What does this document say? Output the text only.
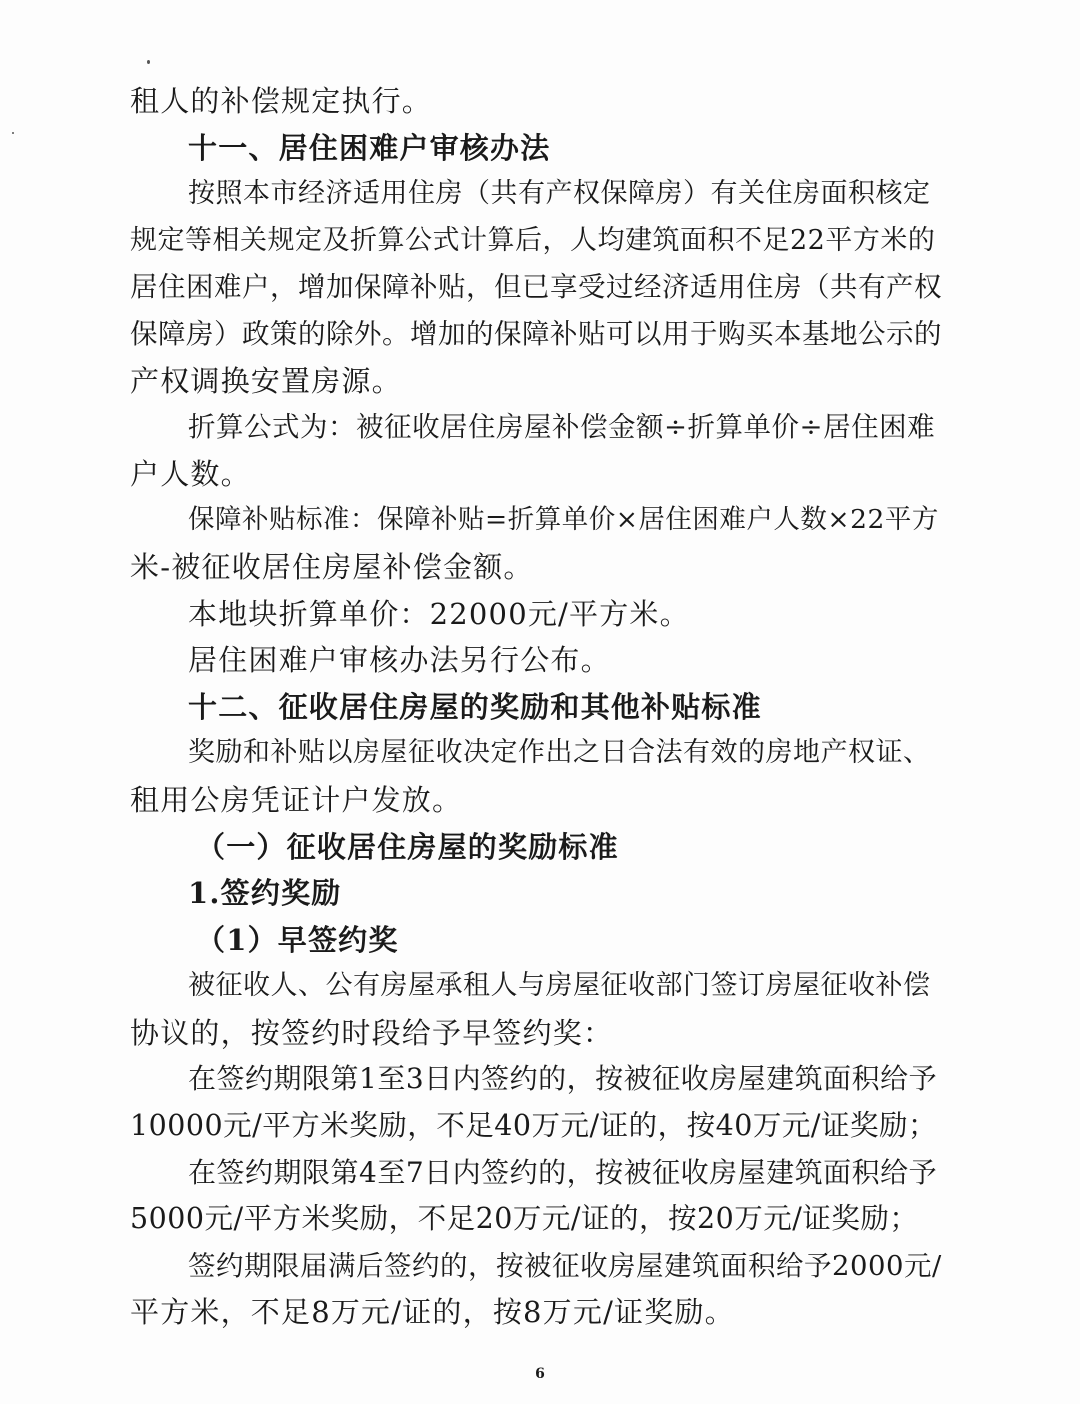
租人的补偿规定执行。
十一、居住困难户审核办法
按照本市经济适用住房（共有产权保障房）有关住房面积核定
规定等相关规定及折算公式计算后，人均建筑面积不足22平方米的
居住困难户，增加保障补贴，但已享受过经济适用住房（共有产权
保障房）政策的除外。增加的保障补贴可以用于购买本基地公示的
产权调换安置房源。
折算公式为：被征收居住房屋补偿金额÷折算单价÷居住困难
户人数。
保障补贴标准：保障补贴=折算单价×居住困难户人数×22平方
米-被征收居住房屋补偿金额。
本地块折算单价：22000元/平方米。
居住困难户审核办法另行公布。
十二、征收居住房屋的奖励和其他补贴标准
奖励和补贴以房屋征收决定作出之日合法有效的房地产权证、
租用公房凭证计户发放。
（一）征收居住房屋的奖励标准
1.签约奖励
（1）早签约奖
被征收人、公有房屋承租人与房屋征收部门签订房屋征收补偿
协议的，按签约时段给予早签约奖：
在签约期限第1至3日内签约的，按被征收房屋建筑面积给予
10000元/平方米奖励，不足40万元/证的，按40万元/证奖励；
在签约期限第4至7日内签约的，按被征收房屋建筑面积给予
5000元/平方米奖励，不足20万元/证的，按20万元/证奖励；
签约期限届满后签约的，按被征收房屋建筑面积给予2000元/
平方米，不足8万元/证的，按8万元/证奖励。
6
